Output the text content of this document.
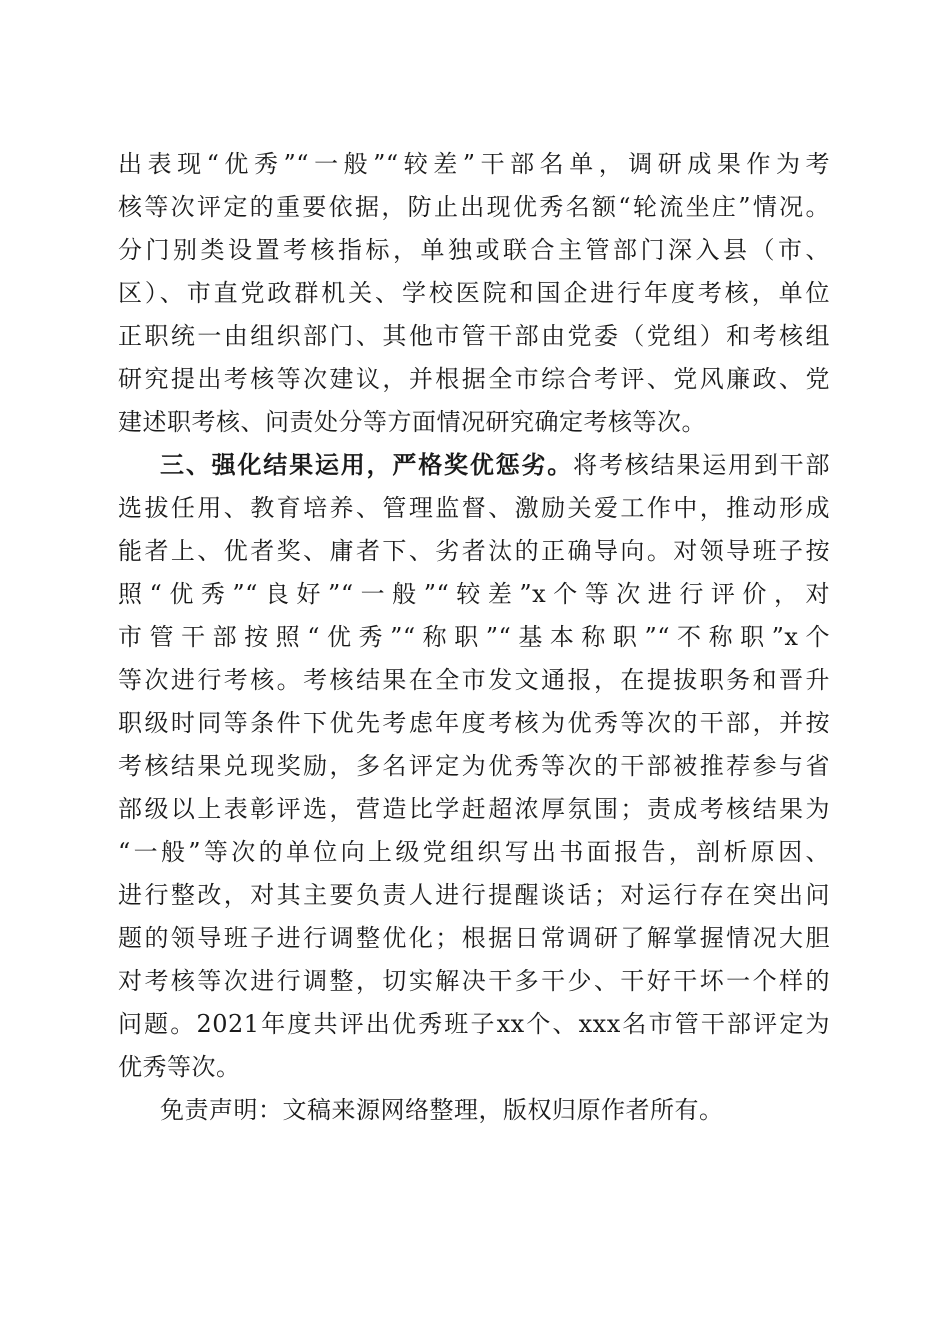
出表现“优秀”“一般”“较差”干部名单，调研成果作为考
核等次评定的重要依据，防止出现优秀名额“轮流坐庄”情况。
分门别类设置考核指标，单独或联合主管部门深入县（市、
区）、市直党政群机关、学校医院和国企进行年度考核，单位
正职统一由组织部门、其他市管干部由党委（党组）和考核组
研究提出考核等次建议，并根据全市综合考评、党风廉政、党
建述职考核、问责处分等方面情况研究确定考核等次。
三、强化结果运用，严格奖优惩劣。将考核结果运用到干部
选拔任用、教育培养、管理监督、激励关爱工作中，推动形成
能者上、优者奖、庸者下、劣者汰的正确导向。对领导班子按
照“优秀”“良好”“一般”“较差”x个等次进行评价，对
市管干部按照“优秀”“称职”“基本称职”“不称职”x个
等次进行考核。考核结果在全市发文通报，在提拔职务和晋升
职级时同等条件下优先考虑年度考核为优秀等次的干部，并按
考核结果兑现奖励，多名评定为优秀等次的干部被推荐参与省
部级以上表彰评选，营造比学赶超浓厚氛围；责成考核结果为
“一般”等次的单位向上级党组织写出书面报告，剖析原因、
进行整改，对其主要负责人进行提醒谈话；对运行存在突出问
题的领导班子进行调整优化；根据日常调研了解掌握情况大胆
对考核等次进行调整，切实解决干多干少、干好干坏一个样的
问题。2021年度共评出优秀班子xx个、xxx名市管干部评定为
优秀等次。
免责声明：文稿来源网络整理，版权归原作者所有。
